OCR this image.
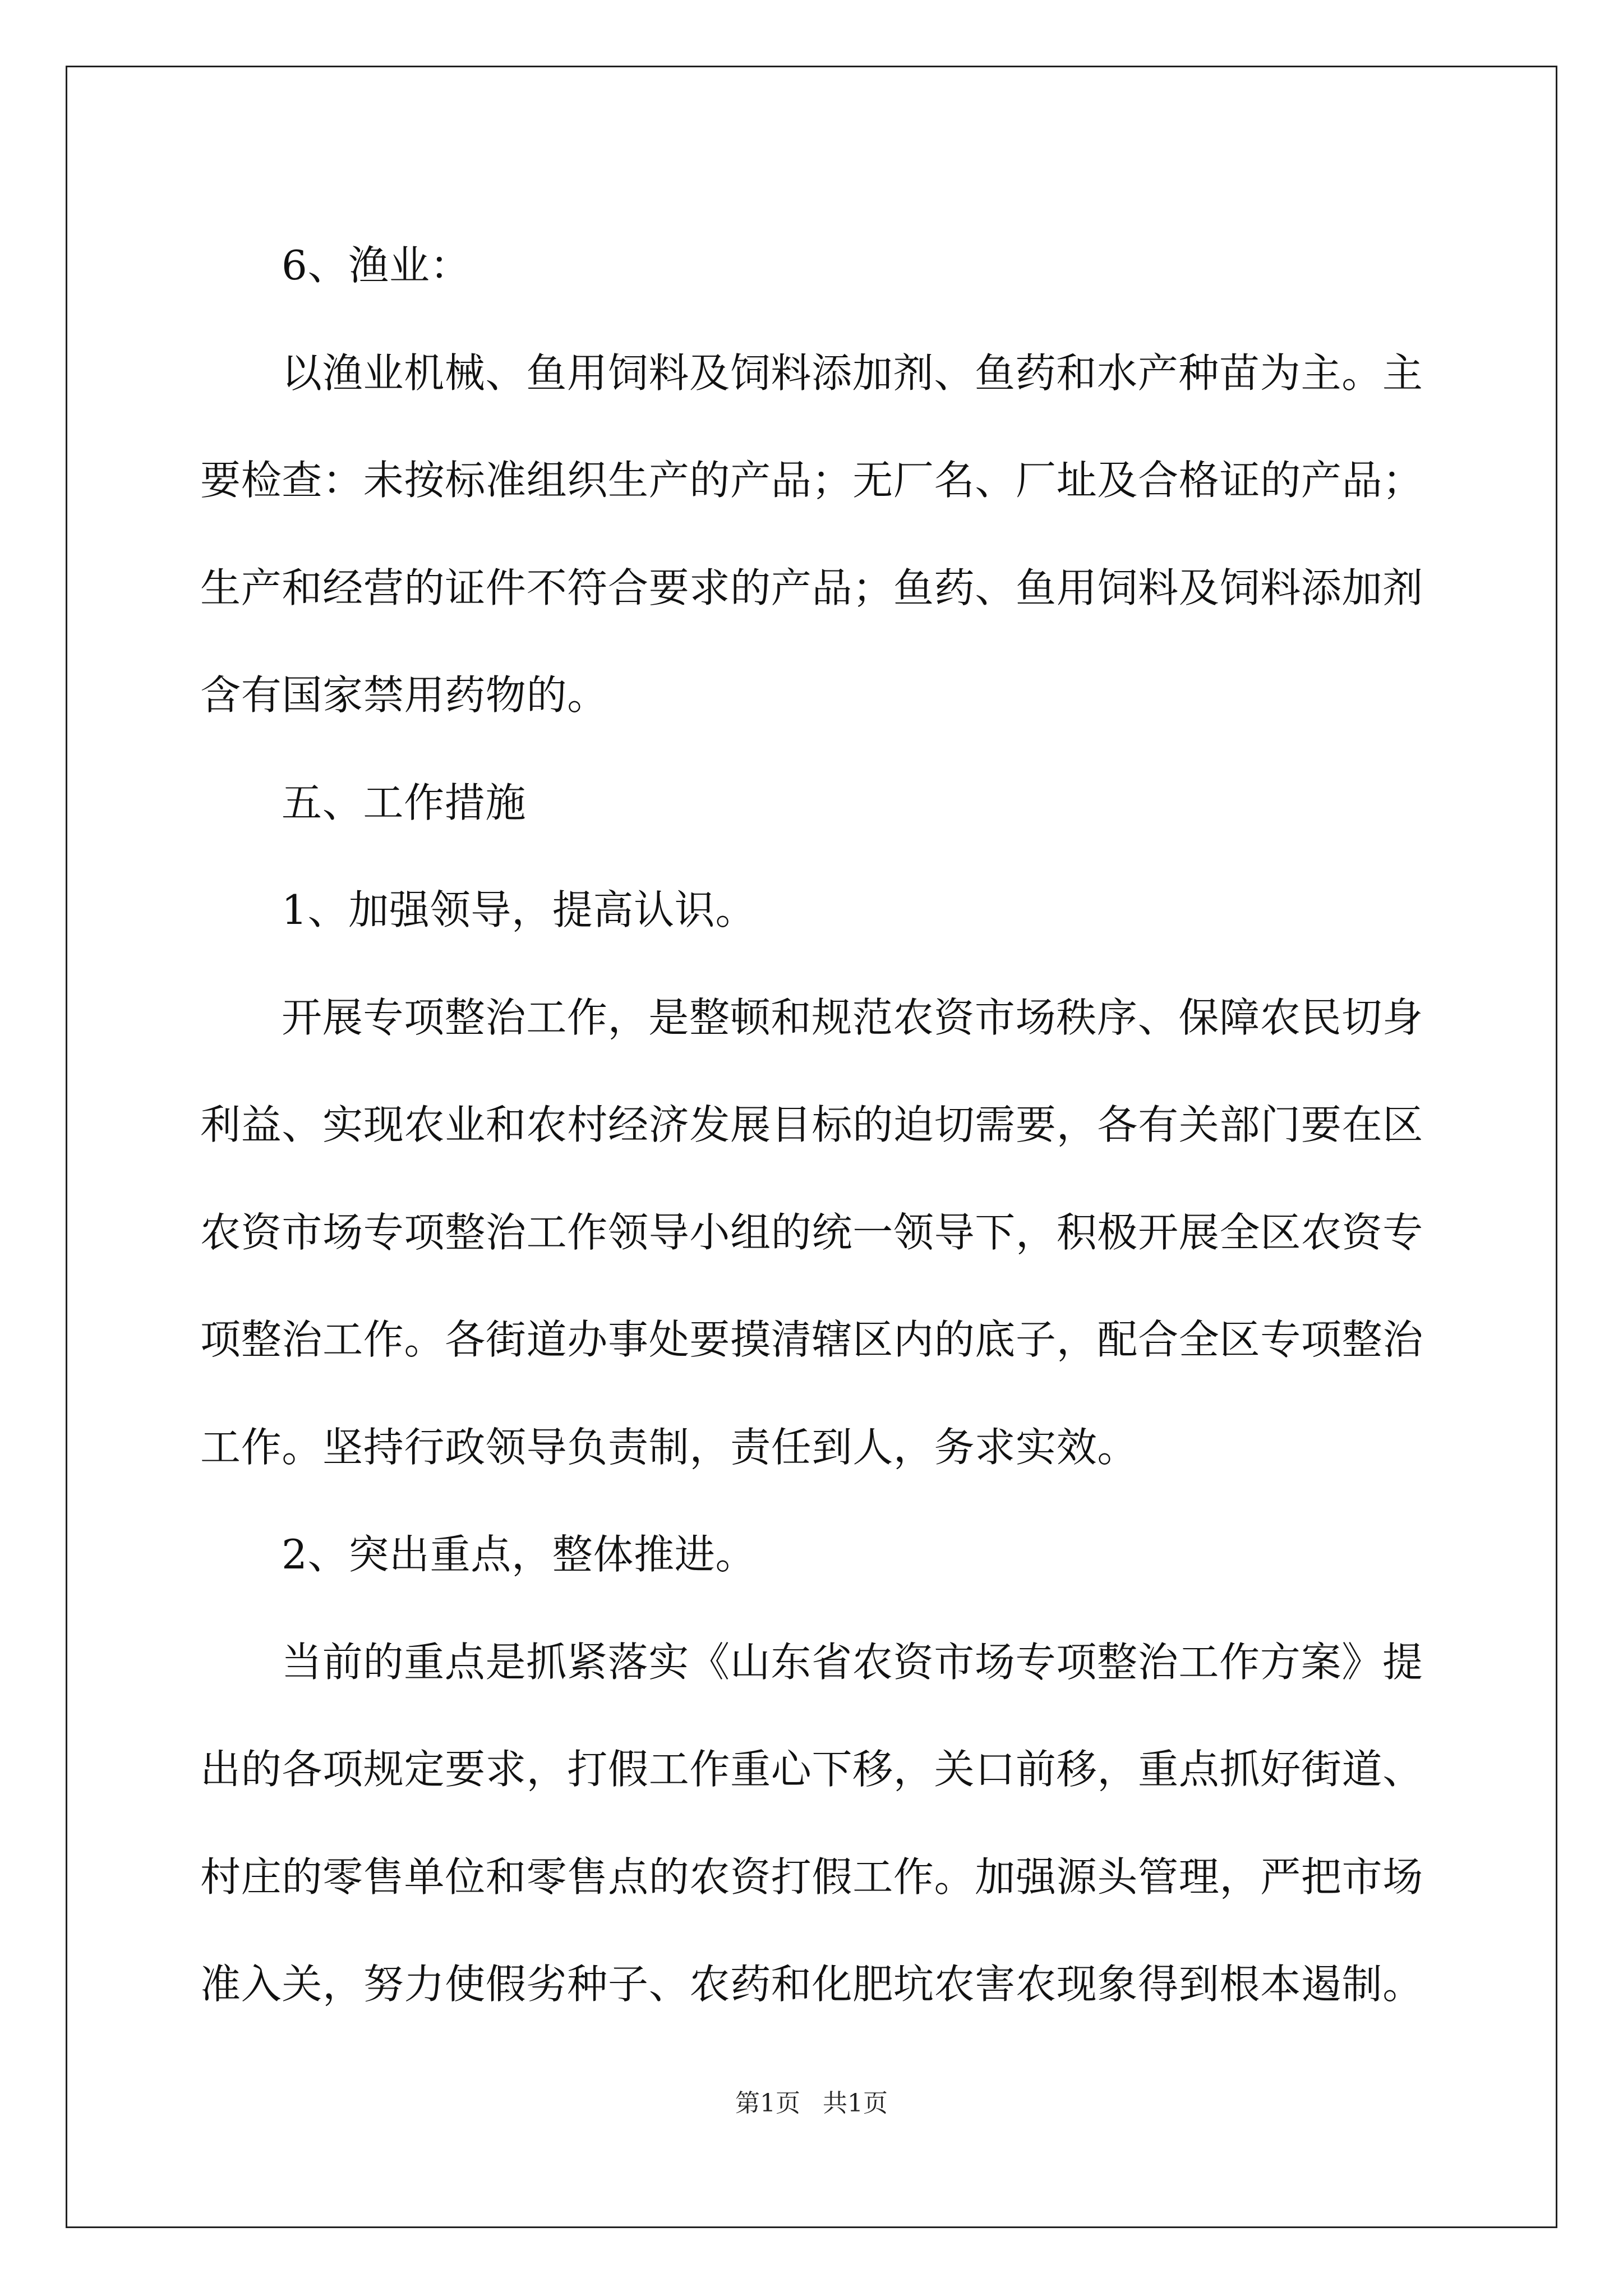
6、渔业：
以渔业机械、鱼用饲料及饲料添加剂、鱼药和水产种苗为主。主
要检查：未按标准组织生产的产品；无厂名、厂址及合格证的产品；
生产和经营的证件不符合要求的产品；鱼药、鱼用饲料及饲料添加剂
含有国家禁用药物的。
五、工作措施
1、加强领导，提高认识。
开展专项整治工作，是整顿和规范农资市场秩序、保障农民切身
利益、实现农业和农村经济发展目标的迫切需要，各有关部门要在区
农资市场专项整治工作领导小组的统一领导下，积极开展全区农资专
项整治工作。各街道办事处要摸清辖区内的底子，配合全区专项整治
工作。坚持行政领导负责制，责任到人，务求实效。
2、突出重点，整体推进。
当前的重点是抓紧落实《山东省农资市场专项整治工作方案》提
出的各项规定要求，打假工作重心下移，关口前移，重点抓好街道、
村庄的零售单位和零售点的农资打假工作。加强源头管理，严把市场
准入关，努力使假劣种子、农药和化肥坑农害农现象得到根本遏制。
第1页 共1页
